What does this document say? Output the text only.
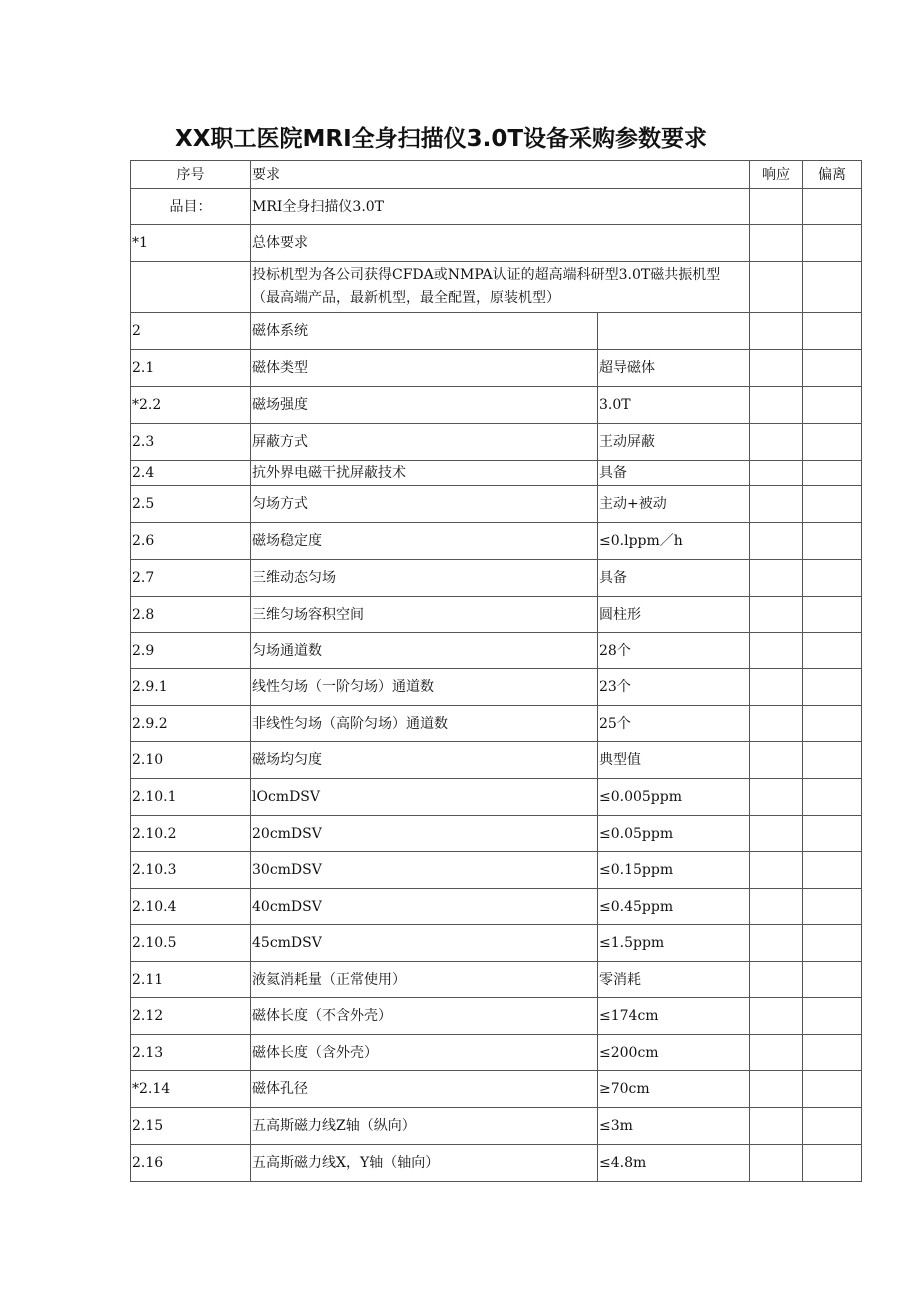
XX职工医院MRI全身扫描仪3.0T设备采购参数要求
序号	要求		响应	偏离
品目：	MRI全身扫描仪3.0T			
*1	总体要求			
	投标机型为各公司获得CFDA或NMPA认证的超高端科研型3.0T磁共振机型（最高端产品，最新机型，最全配置，原装机型）			
2	磁体系统			
2.1	磁体类型	超导磁体		
*2.2	磁场强度	3.0T		
2.3	屏蔽方式	王动屏蔽		
2.4	抗外界电磁干扰屏蔽技术	具备		
2.5	匀场方式	主动+被动		
2.6	磁场稳定度	≤0.lppm／h		
2.7	三维动态匀场	具备		
2.8	三维匀场容积空间	圆柱形		
2.9	匀场通道数	28个		
2.9.1	线性匀场（一阶匀场）通道数	23个		
2.9.2	非线性匀场（高阶匀场）通道数	25个		
2.10	磁场均匀度	典型值		
2.10.1	lOcmDSV	≤0.005ppm		
2.10.2	20cmDSV	≤0.05ppm		
2.10.3	30cmDSV	≤0.15ppm		
2.10.4	40cmDSV	≤0.45ppm		
2.10.5	45cmDSV	≤1.5ppm		
2.11	液氦消耗量（正常使用）	零消耗		
2.12	磁体长度（不含外壳）	≤174cm		
2.13	磁体长度（含外壳）	≤200cm		
*2.14	磁体孔径	≥70cm		
2.15	五高斯磁力线Z轴（纵向）	≤3m		
2.16	五高斯磁力线X，Y轴（轴向）	≤4.8m		
